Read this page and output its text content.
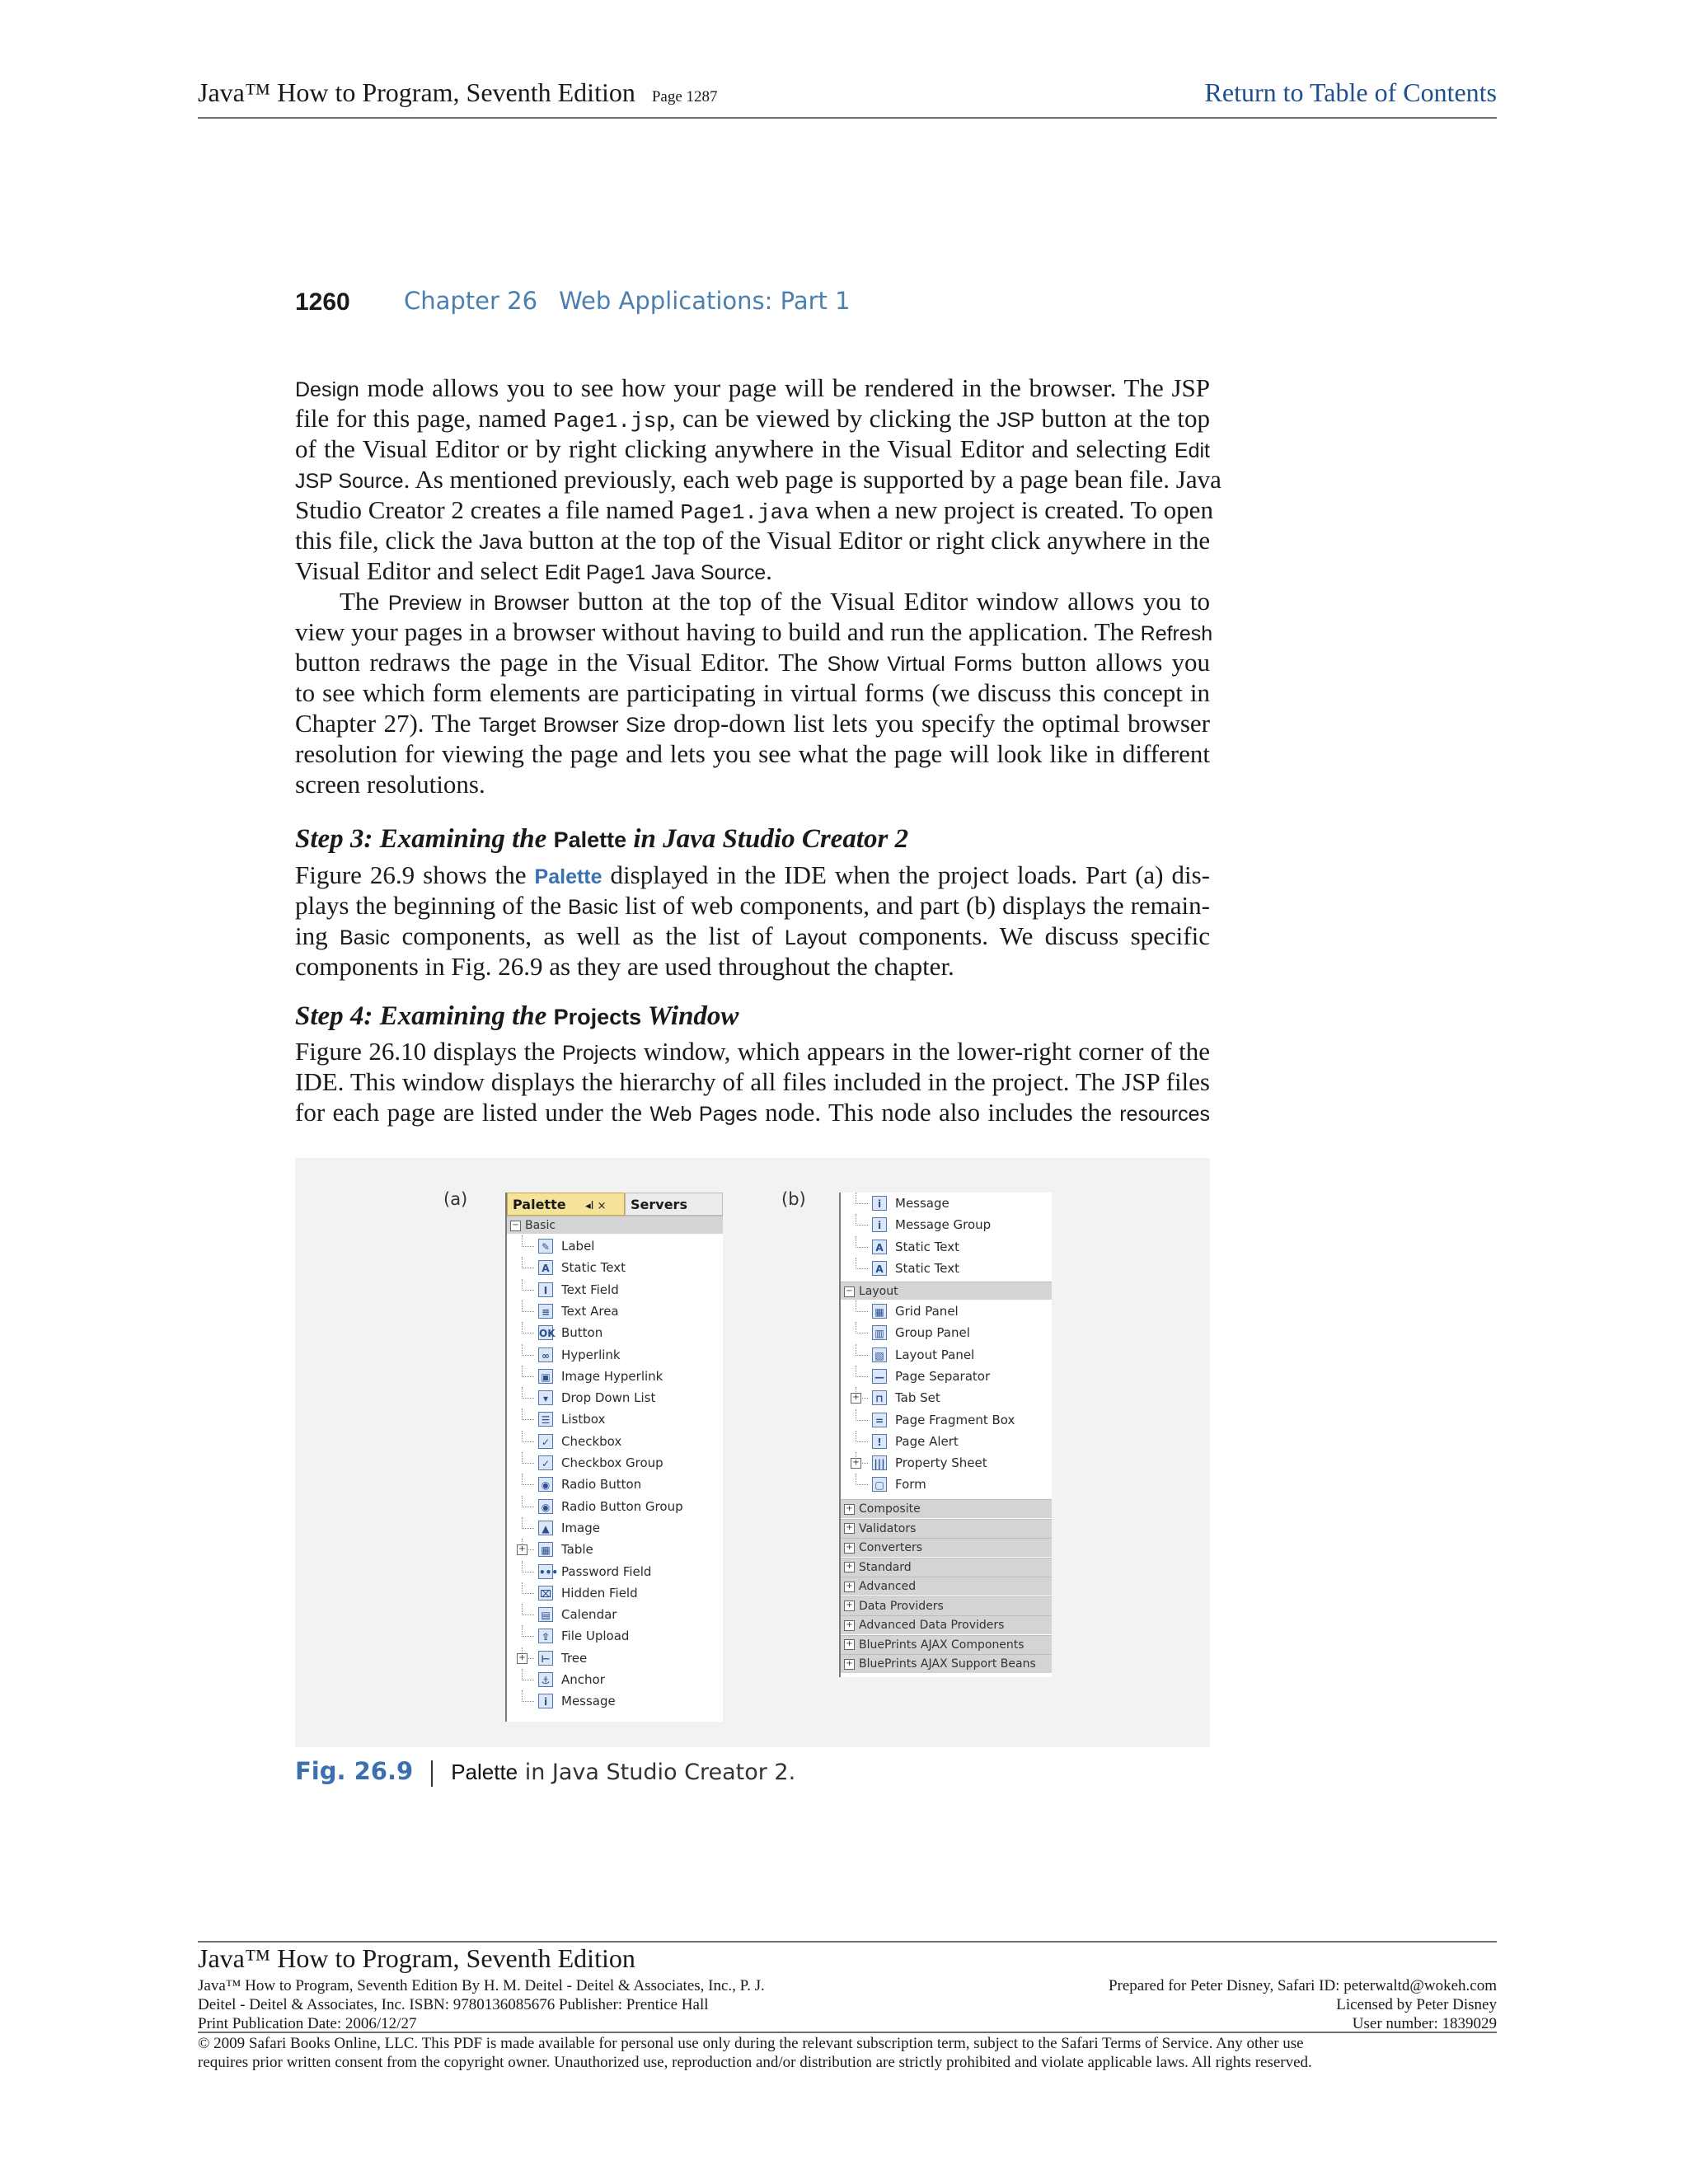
Java™ How to Program, Seventh Edition Page 1287	Return to Table of Contents
1260 Chapter 26 Web Applications: Part 1
Design mode allows you to see how your page will be rendered in the browser. The JSP
file for this page, named Page1.jsp, can be viewed by clicking the JSP button at the top
of the Visual Editor or by right clicking anywhere in the Visual Editor and selecting Edit
JSP Source. As mentioned previously, each web page is supported by a page bean file. Java
Studio Creator 2 creates a file named Page1.java when a new project is created. To open
this file, click the Java button at the top of the Visual Editor or right click anywhere in the
Visual Editor and select Edit Page1 Java Source.
The Preview in Browser button at the top of the Visual Editor window allows you to
view your pages in a browser without having to build and run the application. The Refresh
button redraws the page in the Visual Editor. The Show Virtual Forms button allows you
to see which form elements are participating in virtual forms (we discuss this concept in
Chapter 27). The Target Browser Size drop-down list lets you specify the optimal browser
resolution for viewing the page and lets you see what the page will look like in different
screen resolutions.
Step 3: Examining the Palette in Java Studio Creator 2
Figure 26.9 shows the Palette displayed in the IDE when the project loads. Part (a) dis-
plays the beginning of the Basic list of web components, and part (b) displays the remain-
ing Basic components, as well as the list of Layout components. We discuss specific
components in Fig. 26.9 as they are used throughout the chapter.
Step 4: Examining the Projects Window
Figure 26.10 displays the Projects window, which appears in the lower-right corner of the
IDE. This window displays the hierarchy of all files included in the project. The JSP files
for each page are listed under the Web Pages node. This node also includes the resources
(a)	(b)
Palette ◂I ×	Servers
− Basic
✎ Label
A Static Text
I	Text Field
≡ Text Area
OK Button
∞ Hyperlink
▣ Image Hyperlink
▾	Drop Down List
☰ Listbox
✓ Checkbox
✓ Checkbox Group
◉ Radio Button
◉ Radio Button Group
▲ Image
+ ▦ Table
••• Password Field
⌧ Hidden Field
▤ Calendar
⇪ File Upload
+ ⊢ Tree
⚓ Anchor
i	Message
i	Message
i	Message Group
A Static Text
A Static Text
− Layout
▦ Grid Panel
▥ Group Panel
▧ Layout Panel
— Page Separator
+	⊓ Tab Set
= Page Fragment Box
!	Page Alert
+ ||| Property Sheet
▢ Form
+ Composite
+ Validators
+ Converters
+ Standard
+ Advanced
+ Data Providers
+ Advanced Data Providers
+ BluePrints AJAX Components
+ BluePrints AJAX Support Beans
Fig. 26.9 Palette in Java Studio Creator 2.
Java™ How to Program, Seventh Edition
Java™ How to Program, Seventh Edition By H. M. Deitel - Deitel & Associates, Inc., P. J.
Deitel - Deitel & Associates, Inc. ISBN: 9780136085676 Publisher: Prentice Hall
Print Publication Date: 2006/12/27
Prepared for Peter Disney, Safari ID: peterwaltd@wokeh.com
Licensed by Peter Disney
User number: 1839029
© 2009 Safari Books Online, LLC. This PDF is made available for personal use only during the relevant subscription term, subject to the Safari Terms of Service. Any other use
requires prior written consent from the copyright owner. Unauthorized use, reproduction and/or distribution are strictly prohibited and violate applicable laws. All rights reserved.
